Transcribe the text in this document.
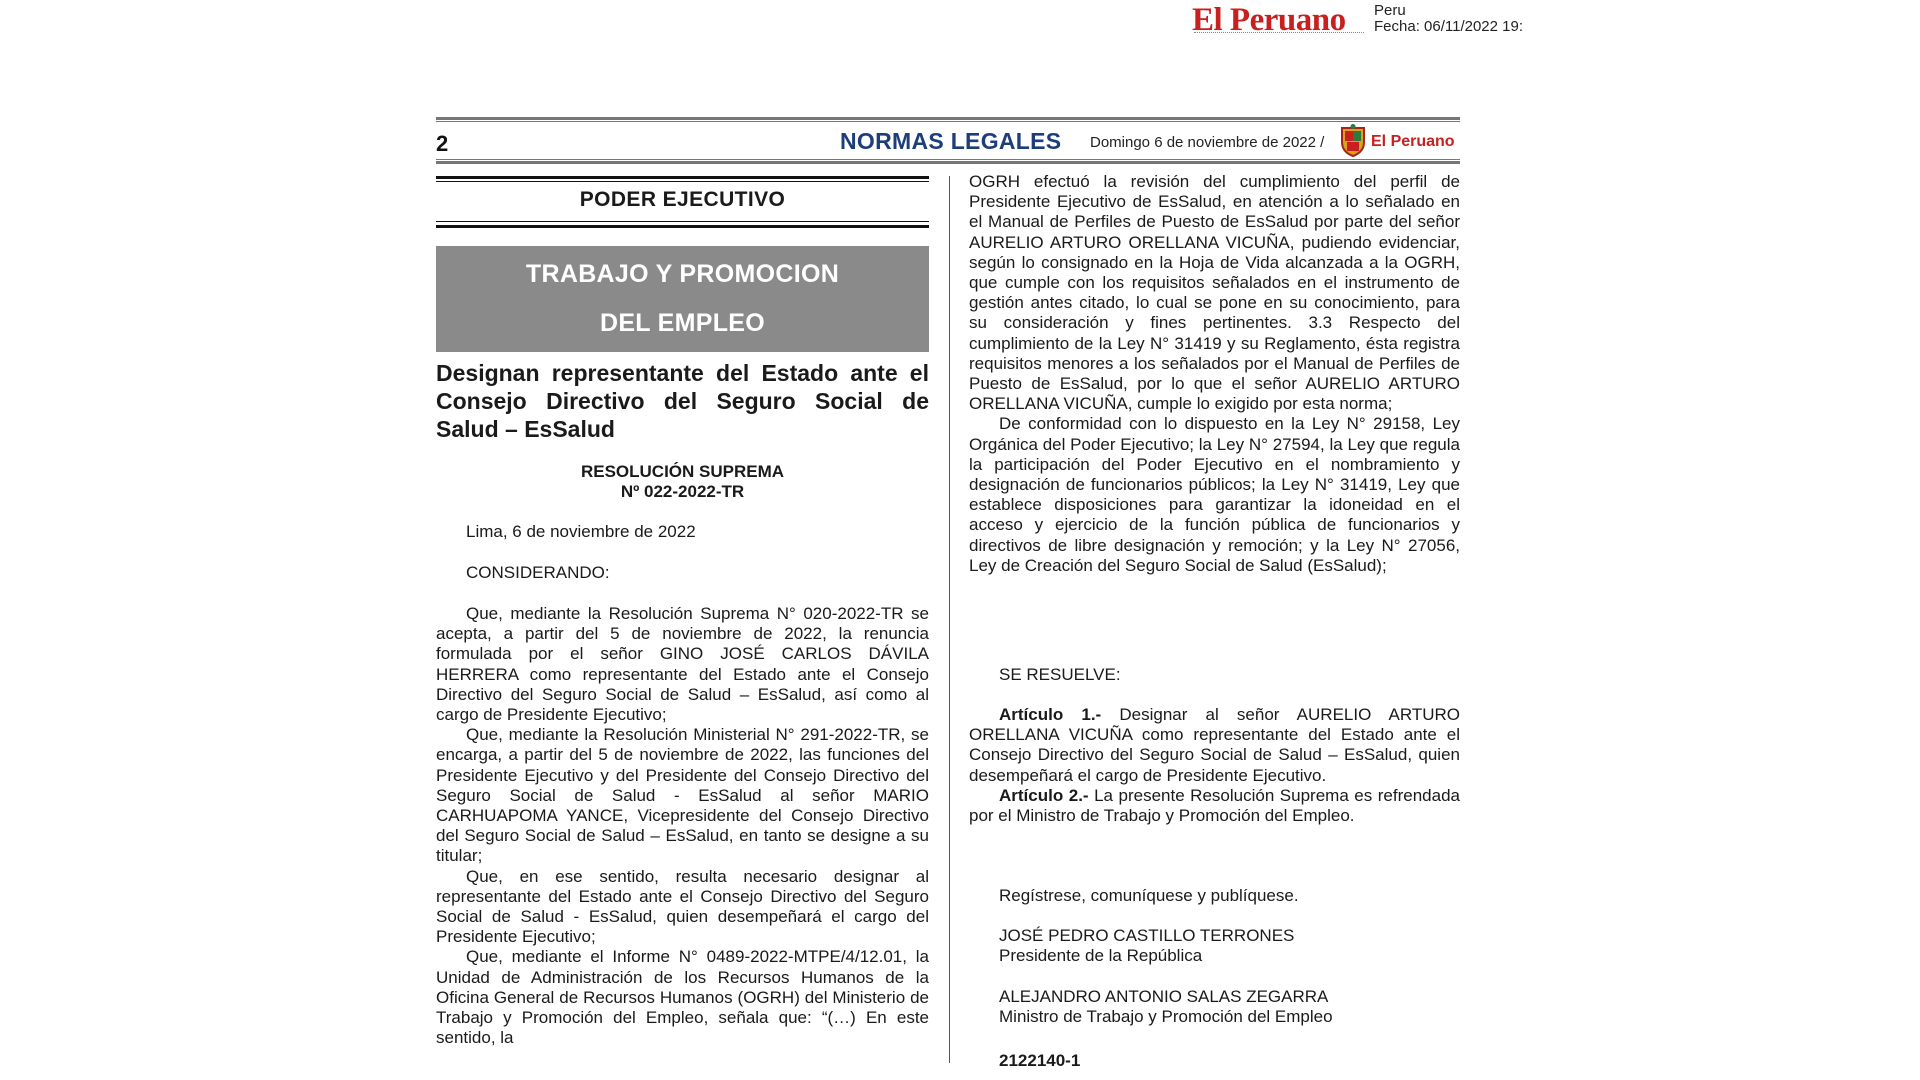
El Peruano	Peru
Fecha: 06/11/2022 19:
2	NORMAS LEGALES Domingo 6 de noviembre de 2022 /	El Peruano
PODER EJECUTIVO
TRABAJO Y PROMOCION
DEL EMPLEO
Designan representante del Estado ante el Consejo Directivo del Seguro Social de Salud – EsSalud
RESOLUCIÓN SUPREMA
Nº 022-2022-TR
Lima, 6 de noviembre de 2022
CONSIDERANDO:

Que, mediante la Resolución Suprema N° 020-2022-TR se acepta, a partir del 5 de noviembre de 2022, la renuncia formulada por el señor GINO JOSÉ CARLOS DÁVILA HERRERA como representante del Estado ante el Consejo Directivo del Seguro Social de Salud – EsSalud, así como al cargo de Presidente Ejecutivo;

Que, mediante la Resolución Ministerial N° 291-2022-TR, se encarga, a partir del 5 de noviembre de 2022, las funciones del Presidente Ejecutivo y del Presidente del Consejo Directivo del Seguro Social de Salud - EsSalud al señor MARIO CARHUAPOMA YANCE, Vicepresidente del Consejo Directivo del Seguro Social de Salud – EsSalud, en tanto se designe a su titular;

Que, en ese sentido, resulta necesario designar al representante del Estado ante el Consejo Directivo del Seguro Social de Salud - EsSalud, quien desempeñará el cargo del Presidente Ejecutivo;

Que, mediante el Informe N° 0489-2022-MTPE/4/12.01, la Unidad de Administración de los Recursos Humanos de la Oficina General de Recursos Humanos (OGRH) del Ministerio de Trabajo y Promoción del Empleo, señala que: “(…) En este sentido, la

OGRH efectuó la revisión del cumplimiento del perfil de Presidente Ejecutivo de EsSalud, en atención a lo señalado en el Manual de Perfiles de Puesto de EsSalud por parte del señor AURELIO ARTURO ORELLANA VICUÑA, pudiendo evidenciar, según lo consignado en la Hoja de Vida alcanzada a la OGRH, que cumple con los requisitos señalados en el instrumento de gestión antes citado, lo cual se pone en su conocimiento, para su consideración y fines pertinentes. 3.3 Respecto del cumplimiento de la Ley N° 31419 y su Reglamento, ésta registra requisitos menores a los señalados por el Manual de Perfiles de Puesto de EsSalud, por lo que el señor AURELIO ARTURO ORELLANA VICUÑA, cumple lo exigido por esta norma;

De conformidad con lo dispuesto en la Ley N° 29158, Ley Orgánica del Poder Ejecutivo; la Ley N° 27594, la Ley que regula la participación del Poder Ejecutivo en el nombramiento y designación de funcionarios públicos; la Ley N° 31419, Ley que establece disposiciones para garantizar la idoneidad en el acceso y ejercicio de la función pública de funcionarios y directivos de libre designación y remoción; y la Ley N° 27056, Ley de Creación del Seguro Social de Salud (EsSalud);

SE RESUELVE:

Artículo 1.- Designar al señor AURELIO ARTURO ORELLANA VICUÑA como representante del Estado ante el Consejo Directivo del Seguro Social de Salud – EsSalud, quien desempeñará el cargo de Presidente Ejecutivo.

Artículo 2.- La presente Resolución Suprema es refrendada por el Ministro de Trabajo y Promoción del Empleo.

Regístrese, comuníquese y publíquese.
JOSÉ PEDRO CASTILLO TERRONES
Presidente de la República
ALEJANDRO ANTONIO SALAS ZEGARRA
Ministro de Trabajo y Promoción del Empleo
2122140-1
